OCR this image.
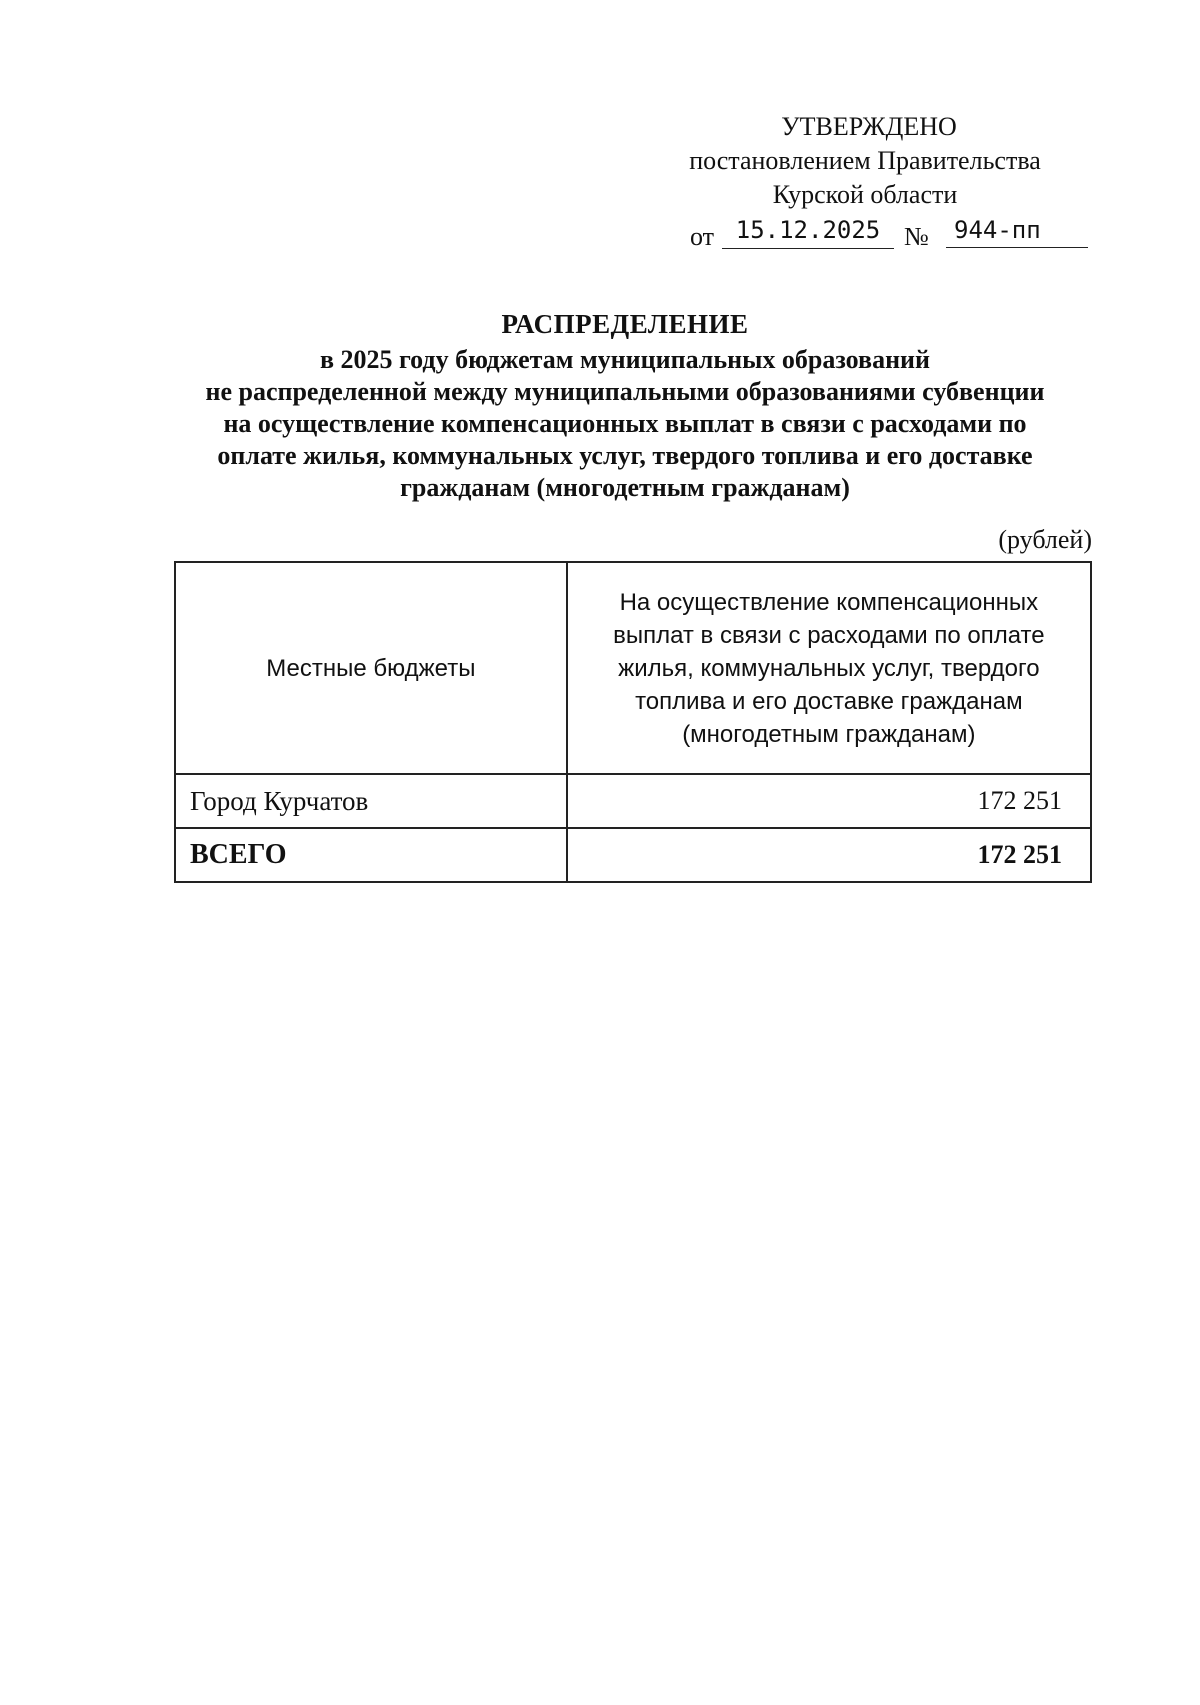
УТВЕРЖДЕНО
постановлением Правительства
Курской области
от 15.12.2025 №	944-пп
РАСПРЕДЕЛЕНИЕ
в 2025 году бюджетам муниципальных образований
не распределенной между муниципальными образованиями субвенции
на осуществление компенсационных выплат в связи с расходами по
оплате жилья, коммунальных услуг, твердого топлива и его доставке
гражданам (многодетным гражданам)
(рублей)
Местные бюджеты	На осуществление компенсационных
выплат в связи с расходами по оплате
жилья, коммунальных услуг, твердого
топлива и его доставке гражданам
(многодетным гражданам)

Город Курчатов	172 251
ВСЕГО	172 251
